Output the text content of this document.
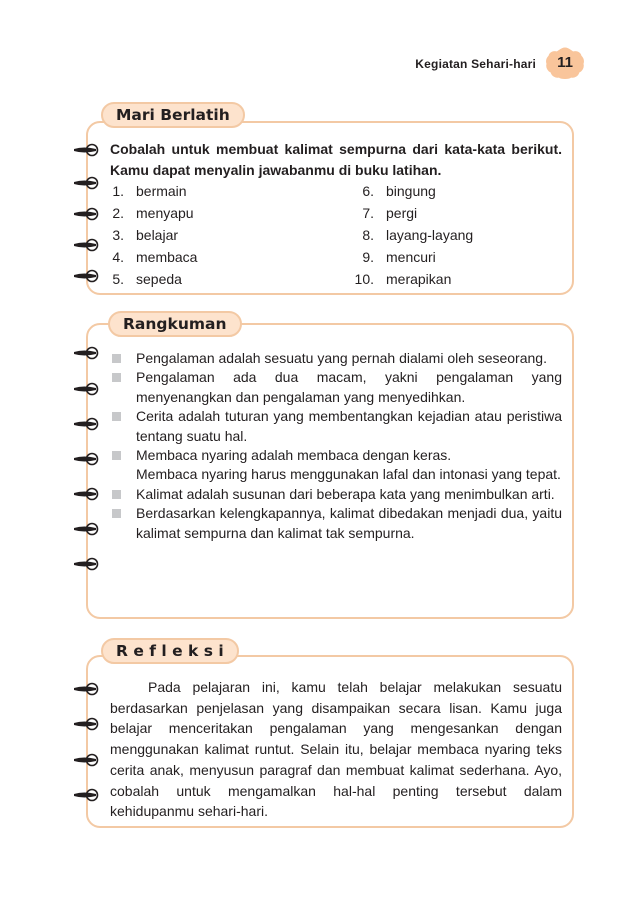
Kegiatan Sehari-hari	11
Mari Berlatih
Cobalah untuk membuat kalimat sempurna dari kata-kata berikut. Kamu dapat menyalin jawabanmu di buku latihan.
1. bermain
2. menyapu
3. belajar
4. membaca
5. sepeda
6. bingung
7. pergi
8. layang-layang
9. mencuri
10. merapikan
Rangkuman
Pengalaman adalah sesuatu yang pernah dialami oleh seseorang.
Pengalaman ada dua macam, yakni pengalaman yang menyenangkan dan pengalaman yang menyedihkan.
Cerita adalah tuturan yang membentangkan kejadian atau peristiwa tentang suatu hal.
Membaca nyaring adalah membaca dengan keras.
Membaca nyaring harus menggunakan lafal dan intonasi yang tepat.
Kalimat adalah susunan dari beberapa kata yang menimbulkan arti.
Berdasarkan kelengkapannya, kalimat dibedakan menjadi dua, yaitu kalimat sempurna dan kalimat tak sempurna.
R e f l e k s i

Pada pelajaran ini, kamu telah belajar melakukan sesuatu berdasarkan penjelasan yang disampaikan secara lisan. Kamu juga belajar menceritakan pengalaman yang mengesankan dengan menggunakan kalimat runtut. Selain itu, belajar membaca nyaring teks cerita anak, menyusun paragraf dan membuat kalimat sederhana. Ayo, cobalah untuk mengamalkan hal-hal penting tersebut dalam kehidupanmu sehari-hari.
